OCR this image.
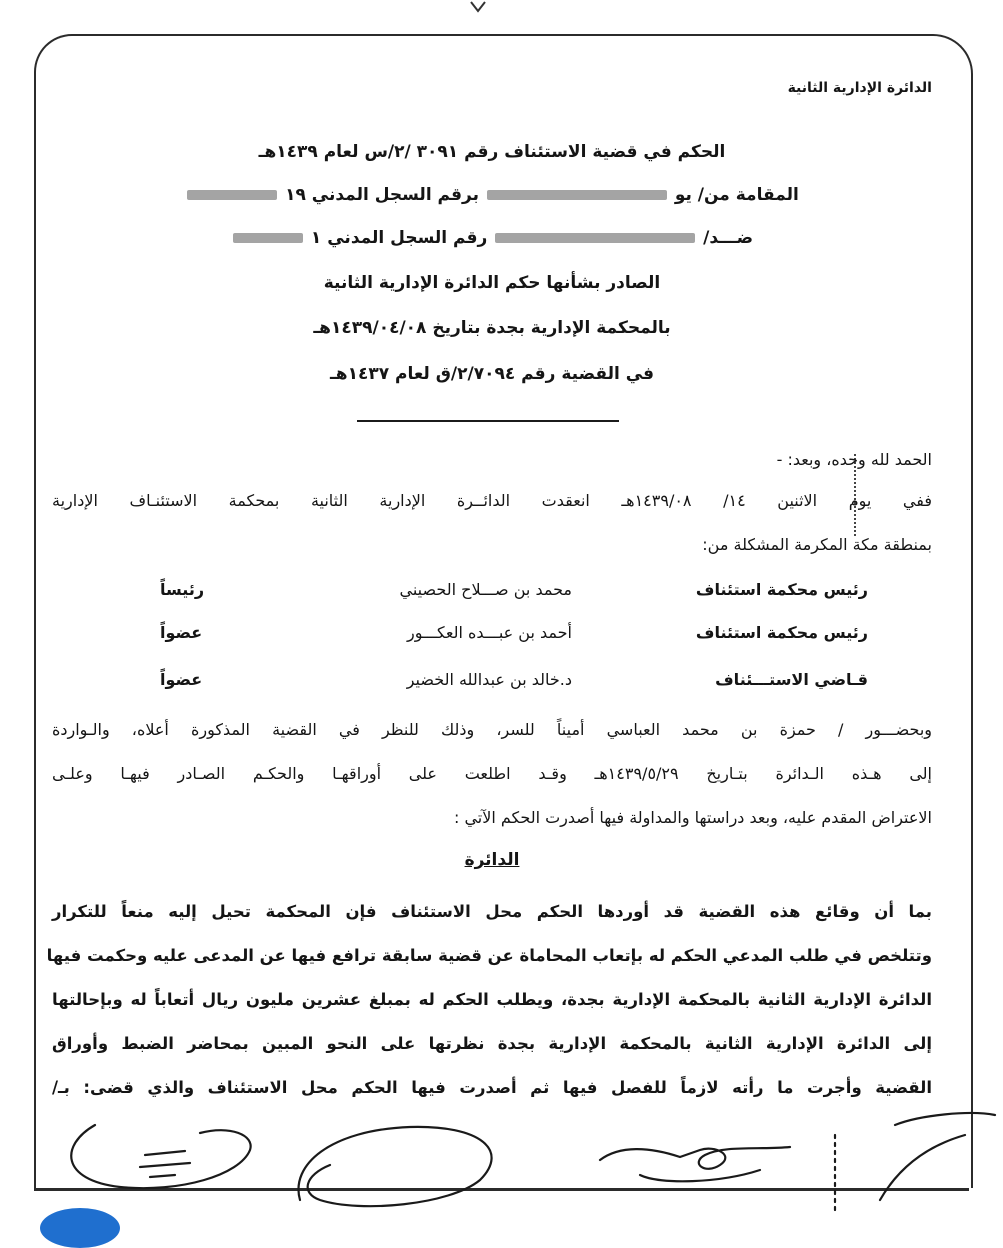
الدائرة الإدارية الثانية
الحكم في قضية الاستئناف رقم ٣٠٩١ /٢/س لعام ١٤٣٩هـ
المقامة من/ يو  برقم السجل المدني ١٩
ضـــد/  رقم السجل المدني ١
الصادر بشأنها حكم الدائرة الإدارية الثانية
بالمحكمة الإدارية بجدة بتاريخ ١٤٣٩/٠٤/٠٨هـ
في القضية رقم ٢/٧٠٩٤/ق لعام ١٤٣٧هـ
الحمد لله وحده، وبعد: -
ففي يوم الاثنين ١٤/ ١٤٣٩/٠٨هـ انعقدت الدائــرة الإدارية الثانية بمحكمة الاستئنـاف الإدارية
بمنطقة مكة المكرمة المشكلة من:
رئيس محكمة استئناف
محمد بن صـــلاح الحصيني
رئيساً
رئيس محكمة استئناف
أحمد بن عبـــده العكـــور
عضواً
قـاضي الاستـــئناف
د.خالد بن عبدالله الخضير
عضواً
وبحضـــور / حمزة بن محمد العباسي أميناً للسر، وذلك للنظر في القضية المذكورة أعلاه، والـواردة
إلى هـذه الـدائرة بتـاريخ ١٤٣٩/٥/٢٩هـ وقـد اطلعت على أوراقهـا والحكـم الصـادر فيهـا وعلـى
الاعتراض المقدم عليه، وبعد دراستها والمداولة فيها أصدرت الحكم الآتي :
الدائرة
بما أن وقائع هذه القضية قد أوردها الحكم محل الاستئناف فإن المحكمة تحيل إليه منعاً للتكرار
وتتلخص في طلب المدعي الحكم له بإتعاب المحاماة عن قضية سابقة ترافع فيها عن المدعى عليه وحكمت فيها
الدائرة الإدارية الثانية بالمحكمة الإدارية بجدة، ويطلب الحكم له بمبلغ عشرين مليون ريال أتعاباً له وبإحالتها
إلى الدائرة الإدارية الثانية بالمحكمة الإدارية بجدة نظرتها على النحو المبين بمحاضر الضبط وأوراق
القضية وأجرت ما رأته لازماً للفصل فيها ثم أصدرت فيها الحكم محل الاستئناف والذي قضى: بـ/
